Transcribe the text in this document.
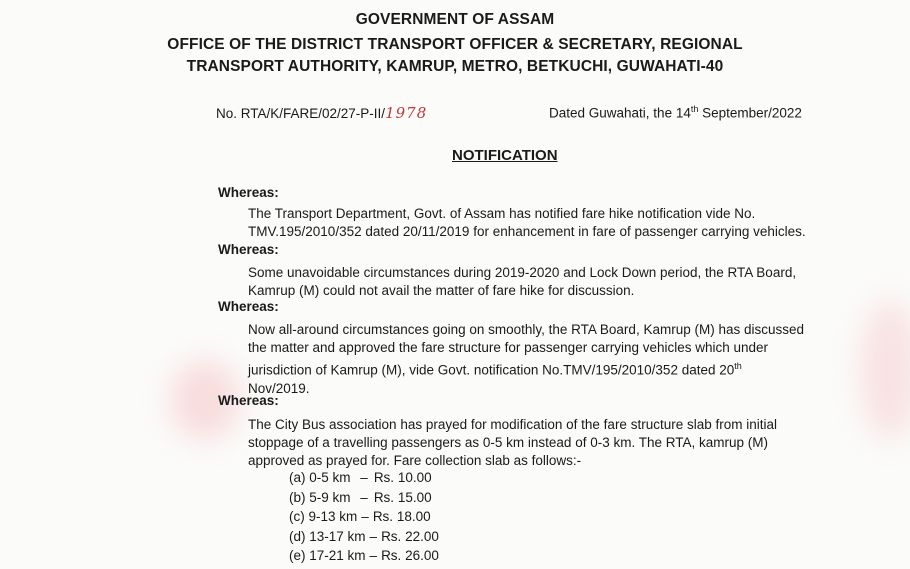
GOVERNMENT OF ASSAM
OFFICE OF THE DISTRICT TRANSPORT OFFICER & SECRETARY, REGIONAL
TRANSPORT AUTHORITY, KAMRUP, METRO, BETKUCHI, GUWAHATI-40
No. RTA/K/FARE/02/27-P-II/1978	Dated Guwahati, the 14th September/2022
NOTIFICATION
Whereas:
The Transport Department, Govt. of Assam has notified fare hike notification vide No.
TMV.195/2010/352 dated 20/11/2019 for enhancement in fare of passenger carrying vehicles.
Whereas:
Some unavoidable circumstances during 2019-2020 and Lock Down period, the RTA Board,
Kamrup (M) could not avail the matter of fare hike for discussion.
Whereas:
Now all-around circumstances going on smoothly, the RTA Board, Kamrup (M) has discussed
the matter and approved the fare structure for passenger carrying vehicles which under
jurisdiction of Kamrup (M), vide Govt. notification No.TMV/195/2010/352 dated 20th
Nov/2019.
Whereas:
The City Bus association has prayed for modification of the fare structure slab from initial
stoppage of a travelling passengers as 0-5 km instead of 0-3 km. The RTA, kamrup (M)
approved as prayed for. Fare collection slab as follows:-
(a) 0-5 km – Rs. 10.00
(b) 5-9 km – Rs. 15.00
(c) 9-13 km – Rs. 18.00
(d) 13-17 km – Rs. 22.00
(e) 17-21 km – Rs. 26.00
